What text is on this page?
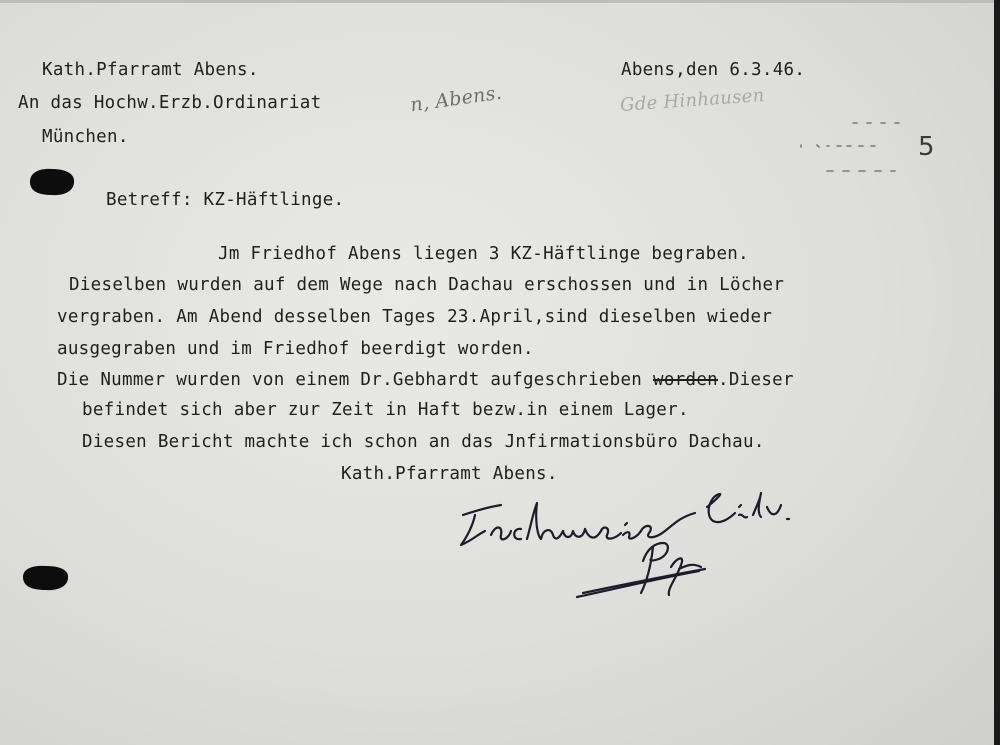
Kath.Pfarramt Abens.
An das Hochw.Erzb.Ordinariat
München.
Abens,den 6.3.46.
n, Abens.	Gde Hinhausen
5
Betreff: KZ-Häftlinge.
Jm Friedhof Abens liegen 3 KZ-Häftlinge begraben.
Dieselben wurden auf dem Wege nach Dachau erschossen und in Löcher
vergraben. Am Abend desselben Tages 23.April,sind dieselben wieder
ausgegraben und im Friedhof beerdigt worden.
Die Nummer wurden von einem Dr.Gebhardt aufgeschrieben worden.Dieser
befindet sich aber zur Zeit in Haft bezw.in einem Lager.
Diesen Bericht machte ich schon an das Jnfirmationsbüro Dachau.
Kath.Pfarramt Abens.
